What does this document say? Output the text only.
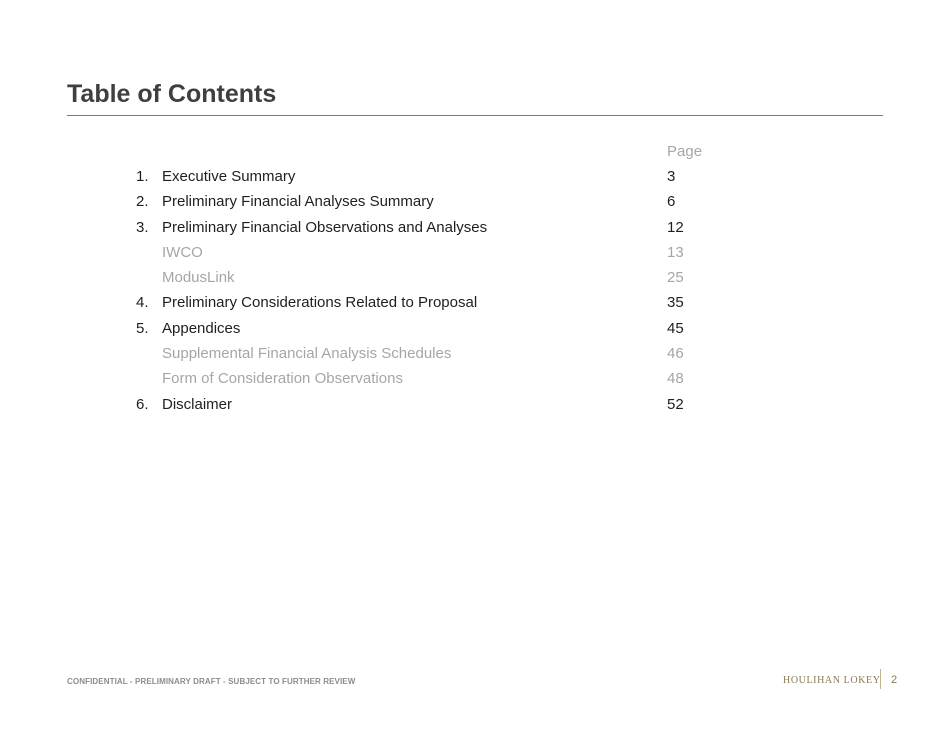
Table of Contents
Page
1. Executive Summary	3
2. Preliminary Financial Analyses Summary	6
3. Preliminary Financial Observations and Analyses	12
IWCO	13
ModusLink	25
4. Preliminary Considerations Related to Proposal	35
5. Appendices	45
Supplemental Financial Analysis Schedules	46
Form of Consideration Observations	48
6. Disclaimer	52
CONFIDENTIAL - PRELIMINARY DRAFT - SUBJECT TO FURTHER REVIEW	HOULIHAN LOKEY 2
